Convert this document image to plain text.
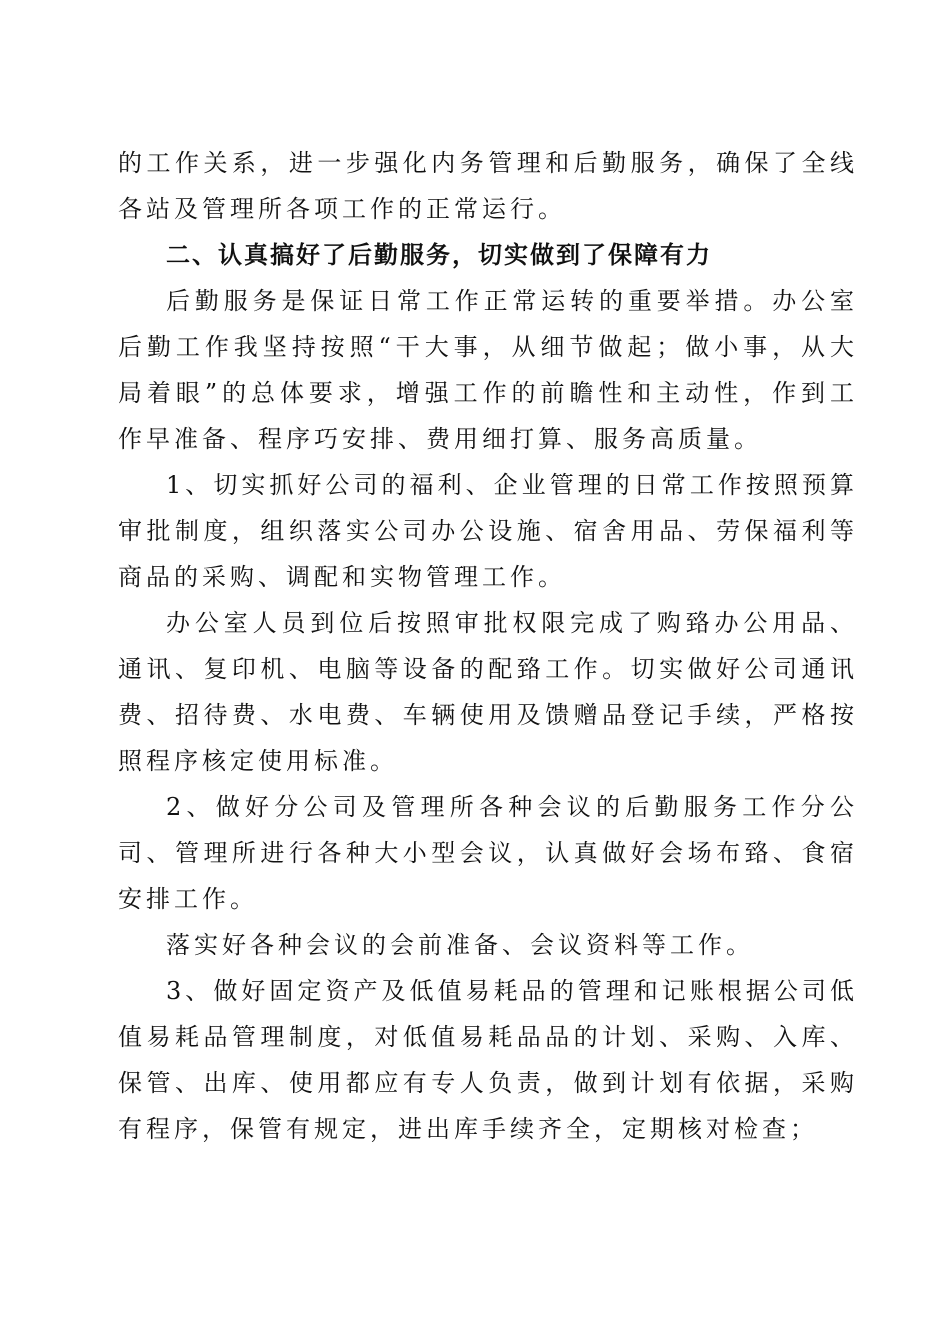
的工作关系，进一步强化内务管理和后勤服务，确保了全线各站及管理所各项工作的正常运行。

二、认真搞好了后勤服务，切实做到了保障有力

后勤服务是保证日常工作正常运转的重要举措。办公室后勤工作我坚持按照“干大事，从细节做起；做小事，从大局着眼”的总体要求，增强工作的前瞻性和主动性，作到工作早准备、程序巧安排、费用细打算、服务高质量。

1、切实抓好公司的福利、企业管理的日常工作按照预算审批制度，组织落实公司办公设施、宿舍用品、劳保福利等商品的采购、调配和实物管理工作。

办公室人员到位后按照审批权限完成了购臵办公用品、通讯、复印机、电脑等设备的配臵工作。切实做好公司通讯费、招待费、水电费、车辆使用及馈赠品登记手续，严格按照程序核定使用标准。

2、做好分公司及管理所各种会议的后勤服务工作分公司、管理所进行各种大小型会议，认真做好会场布臵、食宿安排工作。

落实好各种会议的会前准备、会议资料等工作。

3、做好固定资产及低值易耗品的管理和记账根据公司低值易耗品管理制度，对低值易耗品品的计划、采购、入库、保管、出库、使用都应有专人负责，做到计划有依据，采购有程序，保管有规定，进出库手续齐全，定期核对检查；
